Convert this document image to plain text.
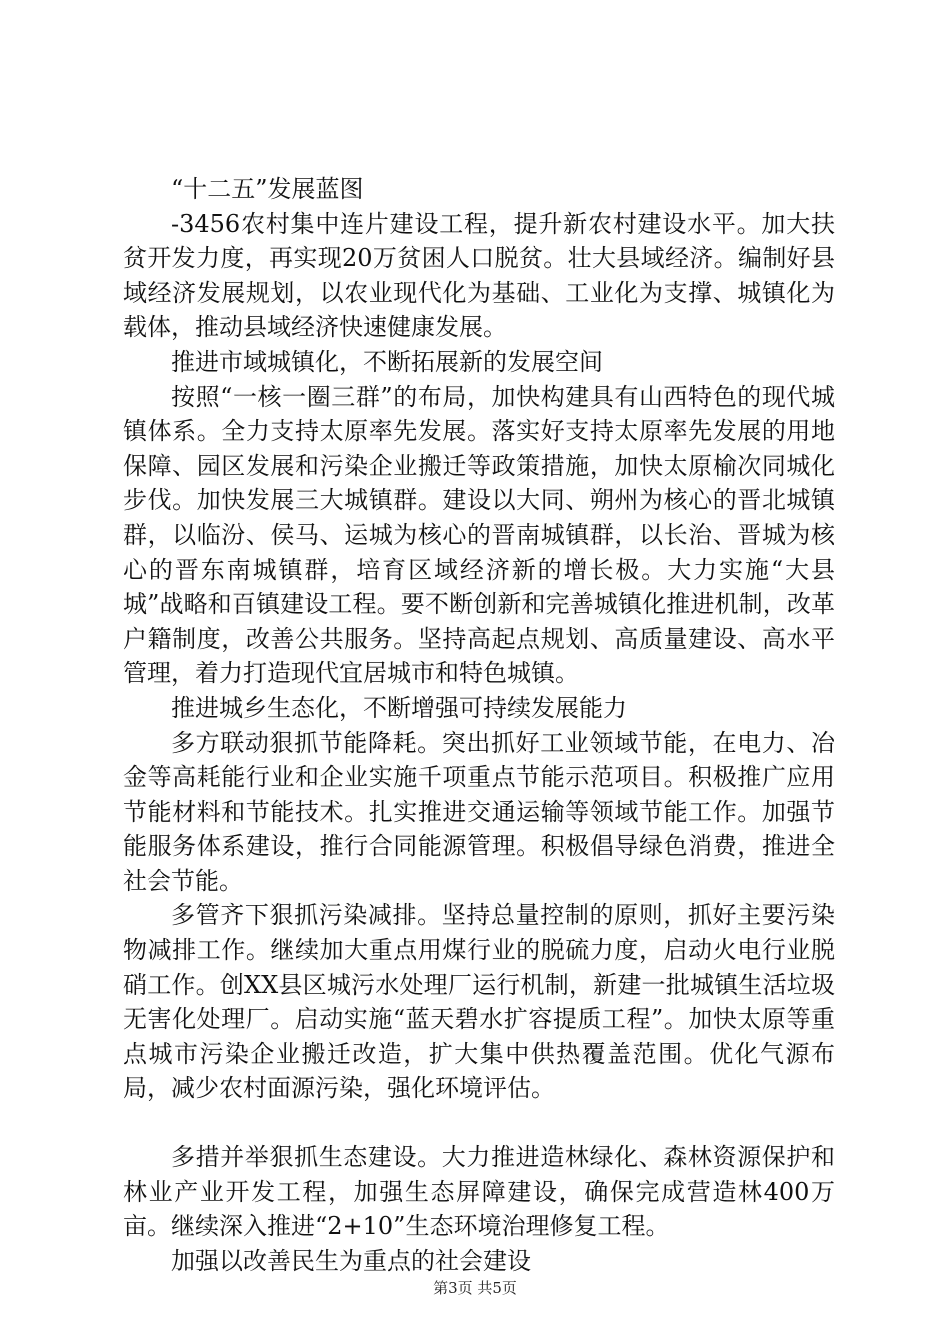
“十二五”发展蓝图

-3456农村集中连片建设工程，提升新农村建设水平。加大扶贫开发力度，再实现20万贫困人口脱贫。壮大县域经济。编制好县域经济发展规划，以农业现代化为基础、工业化为支撑、城镇化为载体，推动县域经济快速健康发展。

推进市域城镇化，不断拓展新的发展空间

按照“一核一圈三群”的布局，加快构建具有山西特色的现代城镇体系。全力支持太原率先发展。落实好支持太原率先发展的用地保障、园区发展和污染企业搬迁等政策措施，加快太原榆次同城化步伐。加快发展三大城镇群。建设以大同、朔州为核心的晋北城镇群，以临汾、侯马、运城为核心的晋南城镇群，以长治、晋城为核心的晋东南城镇群，培育区域经济新的增长极。大力实施“大县城”战略和百镇建设工程。要不断创新和完善城镇化推进机制，改革户籍制度，改善公共服务。坚持高起点规划、高质量建设、高水平管理，着力打造现代宜居城市和特色城镇。

推进城乡生态化，不断增强可持续发展能力

多方联动狠抓节能降耗。突出抓好工业领域节能，在电力、冶金等高耗能行业和企业实施千项重点节能示范项目。积极推广应用节能材料和节能技术。扎实推进交通运输等领域节能工作。加强节能服务体系建设，推行合同能源管理。积极倡导绿色消费，推进全社会节能。

多管齐下狠抓污染减排。坚持总量控制的原则，抓好主要污染物减排工作。继续加大重点用煤行业的脱硫力度，启动火电行业脱硝工作。创XX县区城污水处理厂运行机制，新建一批城镇生活垃圾无害化处理厂。启动实施“蓝天碧水扩容提质工程”。加快太原等重点城市污染企业搬迁改造，扩大集中供热覆盖范围。优化气源布局，减少农村面源污染，强化环境评估。

多措并举狠抓生态建设。大力推进造林绿化、森林资源保护和林业产业开发工程，加强生态屏障建设，确保完成营造林400万亩。继续深入推进“2+10”生态环境治理修复工程。

加强以改善民生为重点的社会建设

第3页 共5页
